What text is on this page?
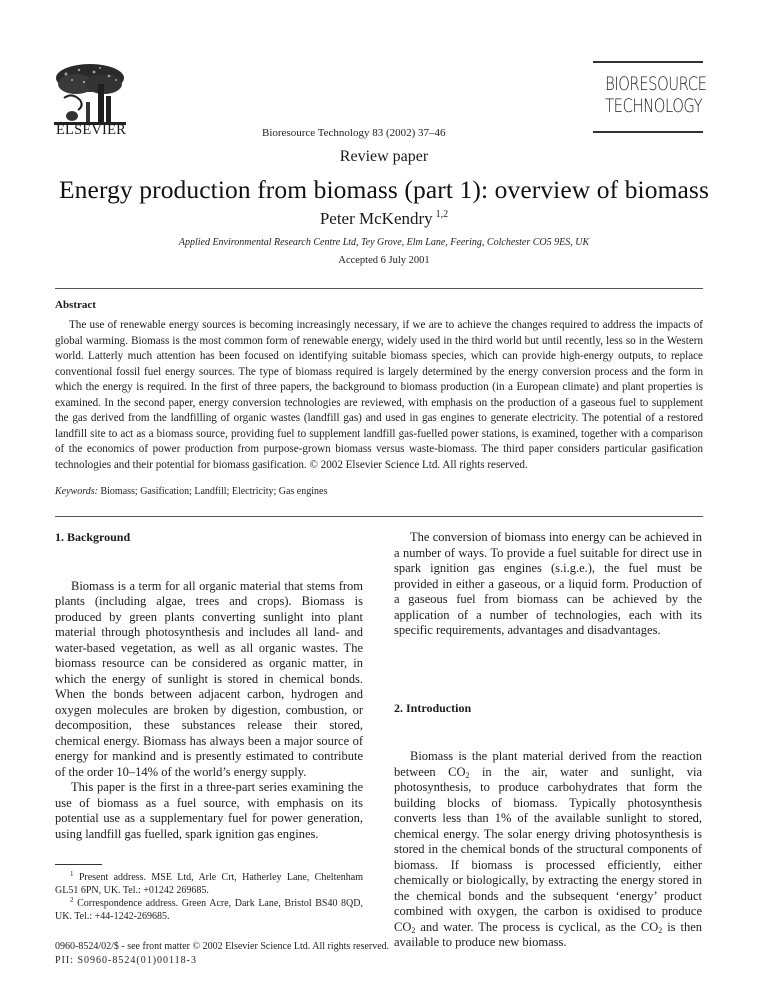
ELSEVIER	Bioresource Technology 83 (2002) 37–46
BIORESOURCE
TECHNOLOGY
Review paper
Energy production from biomass (part 1): overview of biomass
Peter McKendry $^{1,2}$
Applied Environmental Research Centre Ltd, Tey Grove, Elm Lane, Feering, Colchester CO5 9ES, UK
Accepted 6 July 2001
Abstract
The use of renewable energy sources is becoming increasingly necessary, if we are to achieve the changes required to address the impacts of global warming. Biomass is the most common form of renewable energy, widely used in the third world but until recently, less so in the Western world. Latterly much attention has been focused on identifying suitable biomass species, which can provide high-energy outputs, to replace conventional fossil fuel energy sources. The type of biomass required is largely determined by the energy conversion process and the form in which the energy is required. In the first of three papers, the background to biomass production (in a European climate) and plant properties is examined. In the second paper, energy conversion technologies are reviewed, with emphasis on the production of a gaseous fuel to supplement the gas derived from the landfilling of organic wastes (landfill gas) and used in gas engines to generate electricity. The potential of a restored landfill site to act as a biomass source, providing fuel to supplement landfill gas-fuelled power stations, is examined, together with a comparison of the economics of power production from purpose-grown biomass versus waste-biomass. The third paper considers particular gasification technologies and their potential for biomass gasification. © 2002 Elsevier Science Ltd. All rights reserved.
Keywords: Biomass; Gasification; Landfill; Electricity; Gas engines

1. Background

Biomass is a term for all organic material that stems from plants (including algae, trees and crops). Biomass is produced by green plants converting sunlight into plant material through photosynthesis and includes all land- and water-based vegetation, as well as all organic wastes. The biomass resource can be considered as organic matter, in which the energy of sunlight is stored in chemical bonds. When the bonds between adjacent carbon, hydrogen and oxygen molecules are broken by digestion, combustion, or decomposition, these substances release their stored, chemical energy. Biomass has always been a major source of energy for mankind and is presently estimated to contribute of the order 10–14% of the world’s energy supply.

This paper is the first in a three-part series examining the use of biomass as a fuel source, with emphasis on its potential use as a supplementary fuel for power generation, using landfill gas fuelled, spark ignition gas engines.

The conversion of biomass into energy can be achieved in a number of ways. To provide a fuel suitable for direct use in spark ignition gas engines (s.i.g.e.), the fuel must be provided in either a gaseous, or a liquid form. Production of a gaseous fuel from biomass can be achieved by the application of a number of technologies, each with its specific requirements, advantages and disadvantages.

2. Introduction

Biomass is the plant material derived from the reaction between $CO_2$ in the air, water and sunlight, via photosynthesis, to produce carbohydrates that form the building blocks of biomass. Typically photosynthesis converts less than 1% of the available sunlight to stored, chemical energy. The solar energy driving photosynthesis is stored in the chemical bonds of the structural components of biomass. If biomass is processed efficiently, either chemically or biologically, by extracting the energy stored in the chemical bonds and the subsequent ‘energy’ product combined with oxygen, the carbon is oxidised to produce $CO_2$ and water. The process is cyclical, as the $CO_2$ is then available to produce new biomass.

$^1$ Present address. MSE Ltd, Arle Crt, Hatherley Lane, Cheltenham GL51 6PN, UK. Tel.: +01242 269685.
$^2$ Correspondence address. Green Acre, Dark Lane, Bristol BS40 8QD, UK. Tel.: +44-1242-269685.
0960-8524/02/$ - see front matter © 2002 Elsevier Science Ltd. All rights reserved.
PII: S0960-8524(01)00118-3
